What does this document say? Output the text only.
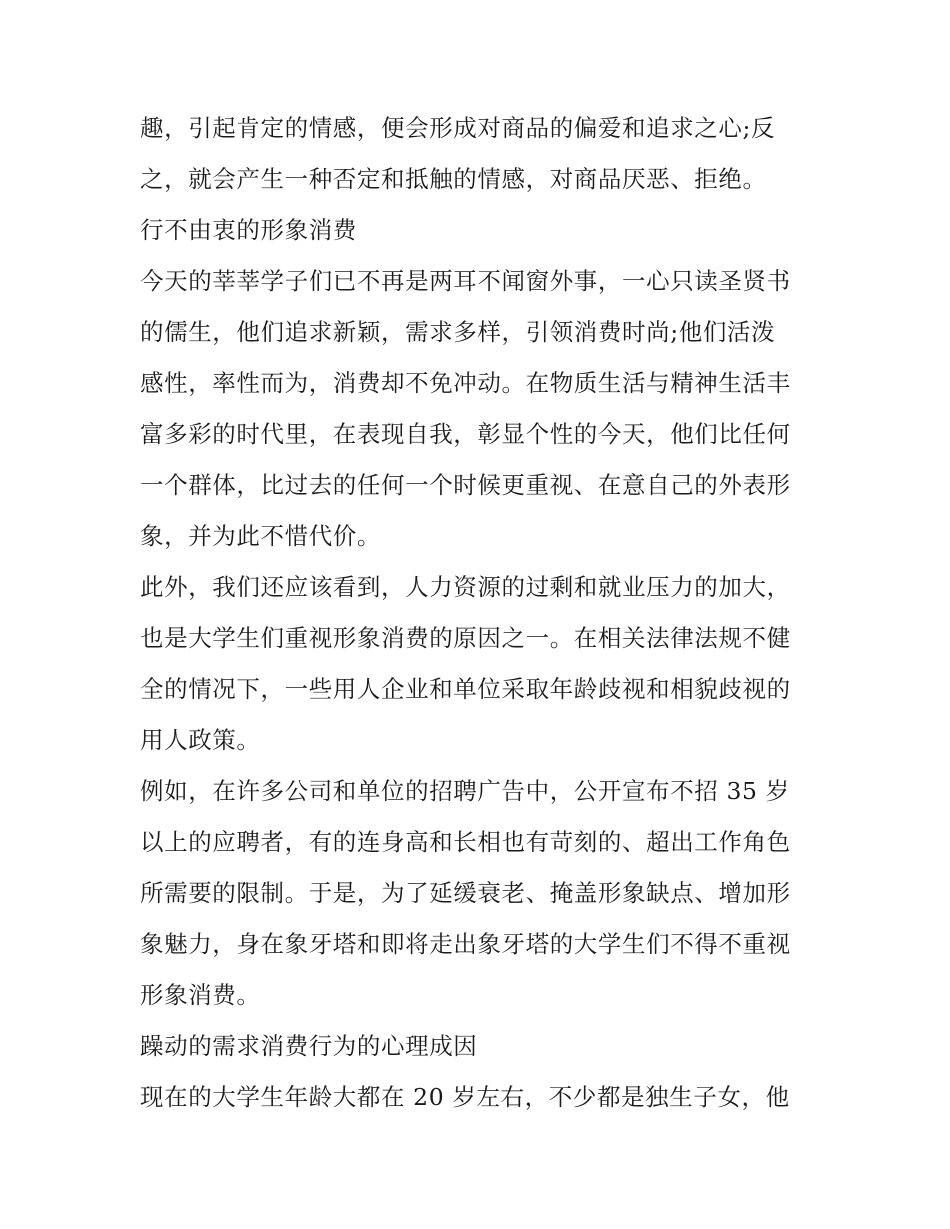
趣，引起肯定的情感，便会形成对商品的偏爱和追求之心;反
之，就会产生一种否定和抵触的情感，对商品厌恶、拒绝。
行不由衷的形象消费
今天的莘莘学子们已不再是两耳不闻窗外事，一心只读圣贤书
的儒生，他们追求新颖，需求多样，引领消费时尚;他们活泼
感性，率性而为，消费却不免冲动。在物质生活与精神生活丰
富多彩的时代里，在表现自我，彰显个性的今天，他们比任何
一个群体，比过去的任何一个时候更重视、在意自己的外表形
象，并为此不惜代价。
此外，我们还应该看到，人力资源的过剩和就业压力的加大，
也是大学生们重视形象消费的原因之一。在相关法律法规不健
全的情况下，一些用人企业和单位采取年龄歧视和相貌歧视的
用人政策。
例如，在许多公司和单位的招聘广告中，公开宣布不招 35 岁
以上的应聘者，有的连身高和长相也有苛刻的、超出工作角色
所需要的限制。于是，为了延缓衰老、掩盖形象缺点、增加形
象魅力，身在象牙塔和即将走出象牙塔的大学生们不得不重视
形象消费。
躁动的需求消费行为的心理成因
现在的大学生年龄大都在 20 岁左右，不少都是独生子女，他
